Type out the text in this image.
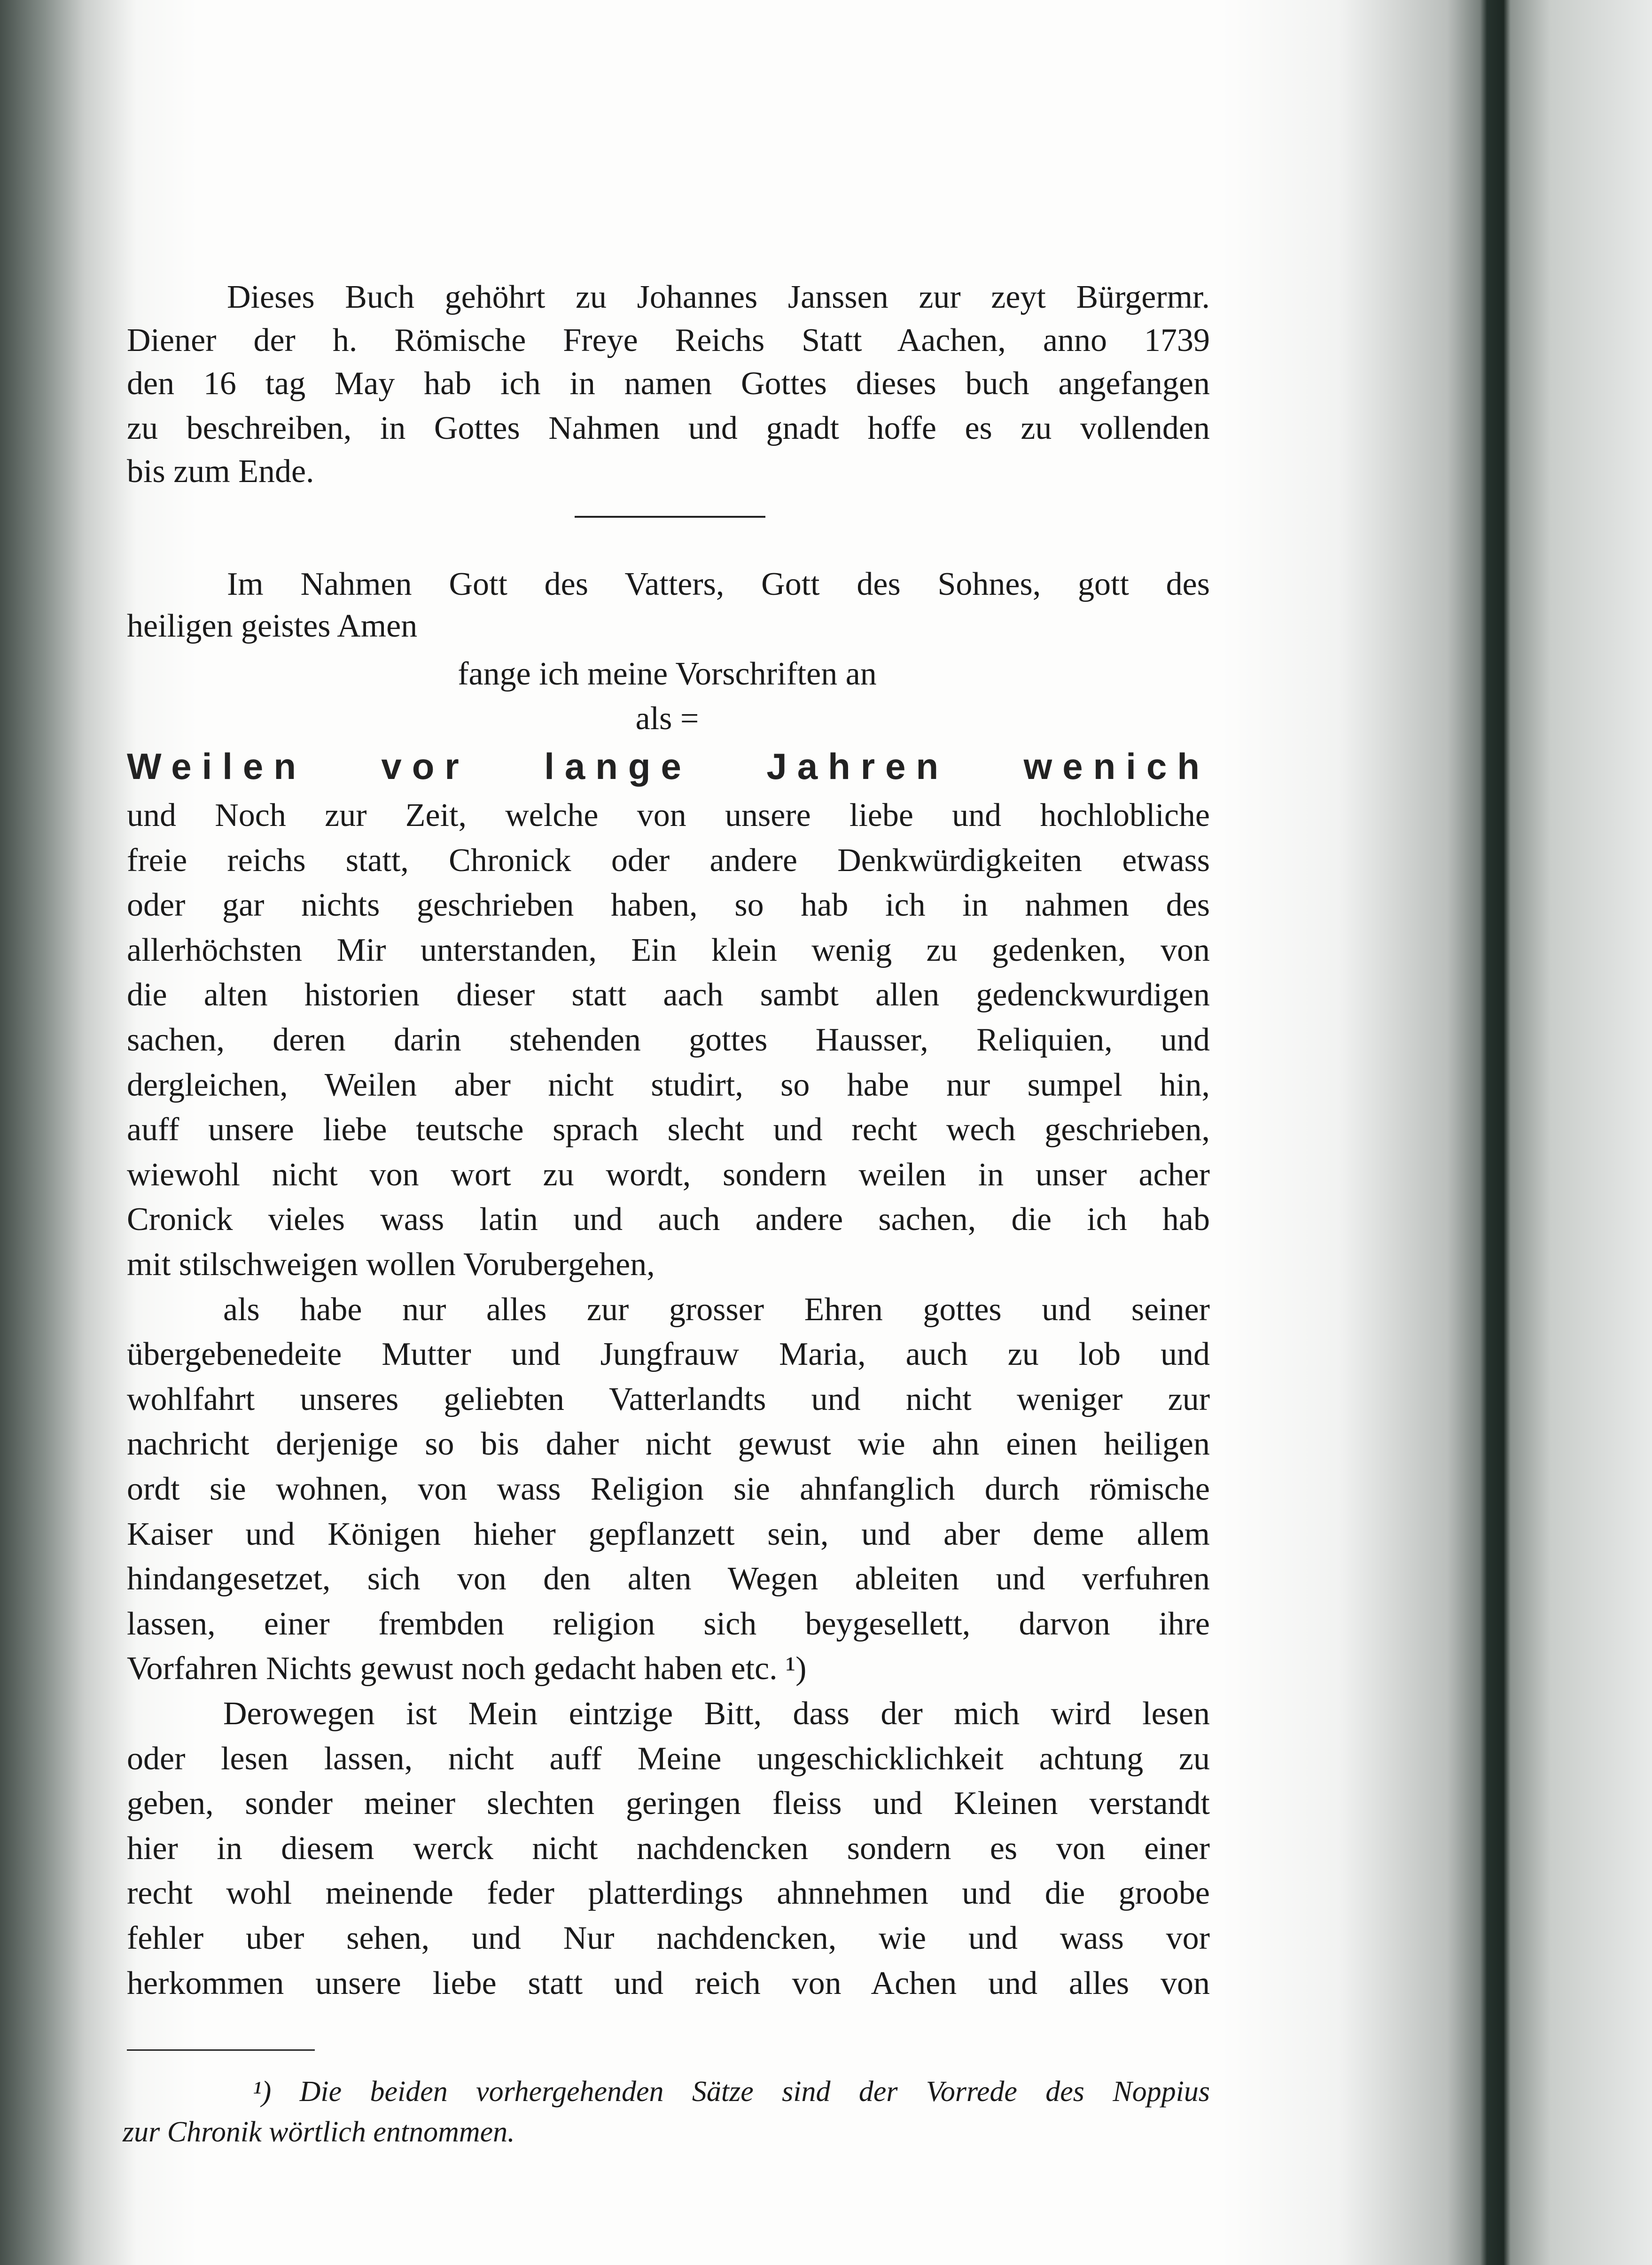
Dieses Buch gehöhrt zu Johannes Janssen zur zeyt Bürgermr.
Diener der h. Römische Freye Reichs Statt Aachen, anno 1739
den 16 tag May hab ich in namen Gottes dieses buch angefangen
zu beschreiben, in Gottes Nahmen und gnadt hoffe es zu vollenden
bis zum Ende.
Im Nahmen Gott des Vatters, Gott des Sohnes, gott des
heiligen geistes Amen
fange ich meine Vorschriften an
als =
Weilen vor lange Jahren wenich
und Noch zur Zeit, welche von unsere liebe und hochlobliche
freie reichs statt, Chronick oder andere Denkwürdigkeiten etwass
oder gar nichts geschrieben haben, so hab ich in nahmen des
allerhöchsten Mir unterstanden, Ein klein wenig zu gedenken, von
die alten historien dieser statt aach sambt allen gedenckwurdigen
sachen, deren darin stehenden gottes Hausser, Reliquien, und
dergleichen, Weilen aber nicht studirt, so habe nur sumpel hin,
auff unsere liebe teutsche sprach slecht und recht wech geschrieben,
wiewohl nicht von wort zu wordt, sondern weilen in unser acher
Cronick vieles wass latin und auch andere sachen, die ich hab
mit stilschweigen wollen Vorubergehen,
als habe nur alles zur grosser Ehren gottes und seiner
übergebenedeite Mutter und Jungfrauw Maria, auch zu lob und
wohlfahrt unseres geliebten Vatterlandts und nicht weniger zur
nachricht derjenige so bis daher nicht gewust wie ahn einen heiligen
ordt sie wohnen, von wass Religion sie ahnfanglich durch römische
Kaiser und Königen hieher gepflanzett sein, und aber deme allem
hindangesetzet, sich von den alten Wegen ableiten und verfuhren
lassen, einer frembden religion sich beygesellett, darvon ihre
Vorfahren Nichts gewust noch gedacht haben etc. ¹)
Derowegen ist Mein eintzige Bitt, dass der mich wird lesen
oder lesen lassen, nicht auff Meine ungeschicklichkeit achtung zu
geben, sonder meiner slechten geringen fleiss und Kleinen verstandt
hier in diesem werck nicht nachdencken sondern es von einer
recht wohl meinende feder platterdings ahnnehmen und die groobe
fehler uber sehen, und Nur nachdencken, wie und wass vor
herkommen unsere liebe statt und reich von Achen und alles von
¹) Die beiden vorhergehenden Sätze sind der Vorrede des Noppius
zur Chronik wörtlich entnommen.
